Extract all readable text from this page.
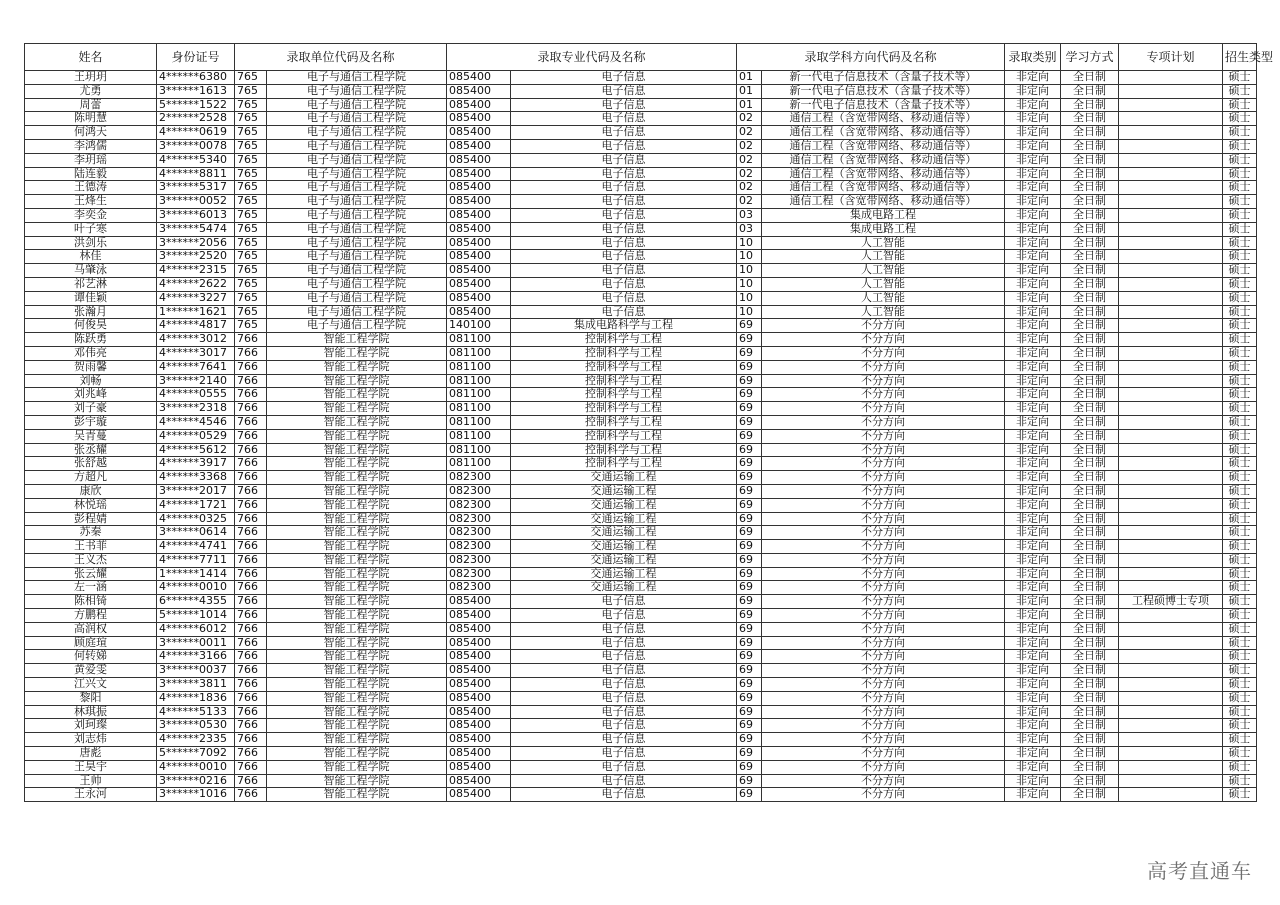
姓名	身份证号	录取单位代码及名称		录取专业代码及名称		录取学科方向代码及名称		录取类别	学习方式	专项计划	招生类型
王玥玥	4******6380	765	电子与通信工程学院	085400	电子信息	01	新一代电子信息技术（含量子技术等）	非定向	全日制		硕士
尤勇	3******1613	765	电子与通信工程学院	085400	电子信息	01	新一代电子信息技术（含量子技术等）	非定向	全日制		硕士
周蕾	5******1522	765	电子与通信工程学院	085400	电子信息	01	新一代电子信息技术（含量子技术等）	非定向	全日制		硕士
陈明慧	2******2528	765	电子与通信工程学院	085400	电子信息	02	通信工程（含宽带网络、移动通信等）	非定向	全日制		硕士
何鸿天	4******0619	765	电子与通信工程学院	085400	电子信息	02	通信工程（含宽带网络、移动通信等）	非定向	全日制		硕士
李鸿儒	3******0078	765	电子与通信工程学院	085400	电子信息	02	通信工程（含宽带网络、移动通信等）	非定向	全日制		硕士
李玥瑶	4******5340	765	电子与通信工程学院	085400	电子信息	02	通信工程（含宽带网络、移动通信等）	非定向	全日制		硕士
陆连毅	4******8811	765	电子与通信工程学院	085400	电子信息	02	通信工程（含宽带网络、移动通信等）	非定向	全日制		硕士
王德涛	3******5317	765	电子与通信工程学院	085400	电子信息	02	通信工程（含宽带网络、移动通信等）	非定向	全日制		硕士
王烽生	3******0052	765	电子与通信工程学院	085400	电子信息	02	通信工程（含宽带网络、移动通信等）	非定向	全日制		硕士
李奕金	3******6013	765	电子与通信工程学院	085400	电子信息	03	集成电路工程	非定向	全日制		硕士
叶子寒	3******5474	765	电子与通信工程学院	085400	电子信息	03	集成电路工程	非定向	全日制		硕士
洪剑乐	3******2056	765	电子与通信工程学院	085400	电子信息	10	人工智能	非定向	全日制		硕士
林佳	3******2520	765	电子与通信工程学院	085400	电子信息	10	人工智能	非定向	全日制		硕士
马肇泳	4******2315	765	电子与通信工程学院	085400	电子信息	10	人工智能	非定向	全日制		硕士
祁艺淋	4******2622	765	电子与通信工程学院	085400	电子信息	10	人工智能	非定向	全日制		硕士
谭佳颖	4******3227	765	电子与通信工程学院	085400	电子信息	10	人工智能	非定向	全日制		硕士
张瀚月	1******1621	765	电子与通信工程学院	085400	电子信息	10	人工智能	非定向	全日制		硕士
何俊昊	4******4817	765	电子与通信工程学院	140100	集成电路科学与工程	69	不分方向	非定向	全日制		硕士
陈跃勇	4******3012	766	智能工程学院	081100	控制科学与工程	69	不分方向	非定向	全日制		硕士
邓伟亮	4******3017	766	智能工程学院	081100	控制科学与工程	69	不分方向	非定向	全日制		硕士
贺雨馨	4******7641	766	智能工程学院	081100	控制科学与工程	69	不分方向	非定向	全日制		硕士
刘畅	3******2140	766	智能工程学院	081100	控制科学与工程	69	不分方向	非定向	全日制		硕士
刘兆峰	4******0555	766	智能工程学院	081100	控制科学与工程	69	不分方向	非定向	全日制		硕士
刘子豪	3******2318	766	智能工程学院	081100	控制科学与工程	69	不分方向	非定向	全日制		硕士
彭宇璇	4******4546	766	智能工程学院	081100	控制科学与工程	69	不分方向	非定向	全日制		硕士
吴青蔓	4******0529	766	智能工程学院	081100	控制科学与工程	69	不分方向	非定向	全日制		硕士
张丞耀	4******5612	766	智能工程学院	081100	控制科学与工程	69	不分方向	非定向	全日制		硕士
张舒越	4******3917	766	智能工程学院	081100	控制科学与工程	69	不分方向	非定向	全日制		硕士
方超凡	4******3368	766	智能工程学院	082300	交通运输工程	69	不分方向	非定向	全日制		硕士
康欣	3******2017	766	智能工程学院	082300	交通运输工程	69	不分方向	非定向	全日制		硕士
林悦瑶	4******1721	766	智能工程学院	082300	交通运输工程	69	不分方向	非定向	全日制		硕士
彭程婧	4******0325	766	智能工程学院	082300	交通运输工程	69	不分方向	非定向	全日制		硕士
苏秦	3******0614	766	智能工程学院	082300	交通运输工程	69	不分方向	非定向	全日制		硕士
王书菲	4******4741	766	智能工程学院	082300	交通运输工程	69	不分方向	非定向	全日制		硕士
王义杰	4******7711	766	智能工程学院	082300	交通运输工程	69	不分方向	非定向	全日制		硕士
张云耀	1******1414	766	智能工程学院	082300	交通运输工程	69	不分方向	非定向	全日制		硕士
左一涵	4******0010	766	智能工程学院	082300	交通运输工程	69	不分方向	非定向	全日制		硕士
陈相锜	6******4355	766	智能工程学院	085400	电子信息	69	不分方向	非定向	全日制	工程硕博士专项	硕士
方鹏程	5******1014	766	智能工程学院	085400	电子信息	69	不分方向	非定向	全日制		硕士
高润权	4******6012	766	智能工程学院	085400	电子信息	69	不分方向	非定向	全日制		硕士
顾庭瑄	3******0011	766	智能工程学院	085400	电子信息	69	不分方向	非定向	全日制		硕士
何转娣	4******3166	766	智能工程学院	085400	电子信息	69	不分方向	非定向	全日制		硕士
黄爱雯	3******0037	766	智能工程学院	085400	电子信息	69	不分方向	非定向	全日制		硕士
江兴文	3******3811	766	智能工程学院	085400	电子信息	69	不分方向	非定向	全日制		硕士
黎阳	4******1836	766	智能工程学院	085400	电子信息	69	不分方向	非定向	全日制		硕士
林琪振	4******5133	766	智能工程学院	085400	电子信息	69	不分方向	非定向	全日制		硕士
刘珂璨	3******0530	766	智能工程学院	085400	电子信息	69	不分方向	非定向	全日制		硕士
刘志炜	4******2335	766	智能工程学院	085400	电子信息	69	不分方向	非定向	全日制		硕士
唐彪	5******7092	766	智能工程学院	085400	电子信息	69	不分方向	非定向	全日制		硕士
王昊宇	4******0010	766	智能工程学院	085400	电子信息	69	不分方向	非定向	全日制		硕士
王帅	3******0216	766	智能工程学院	085400	电子信息	69	不分方向	非定向	全日制		硕士
王永河	3******1016	766	智能工程学院	085400	电子信息	69	不分方向	非定向	全日制		硕士
高考直通车
